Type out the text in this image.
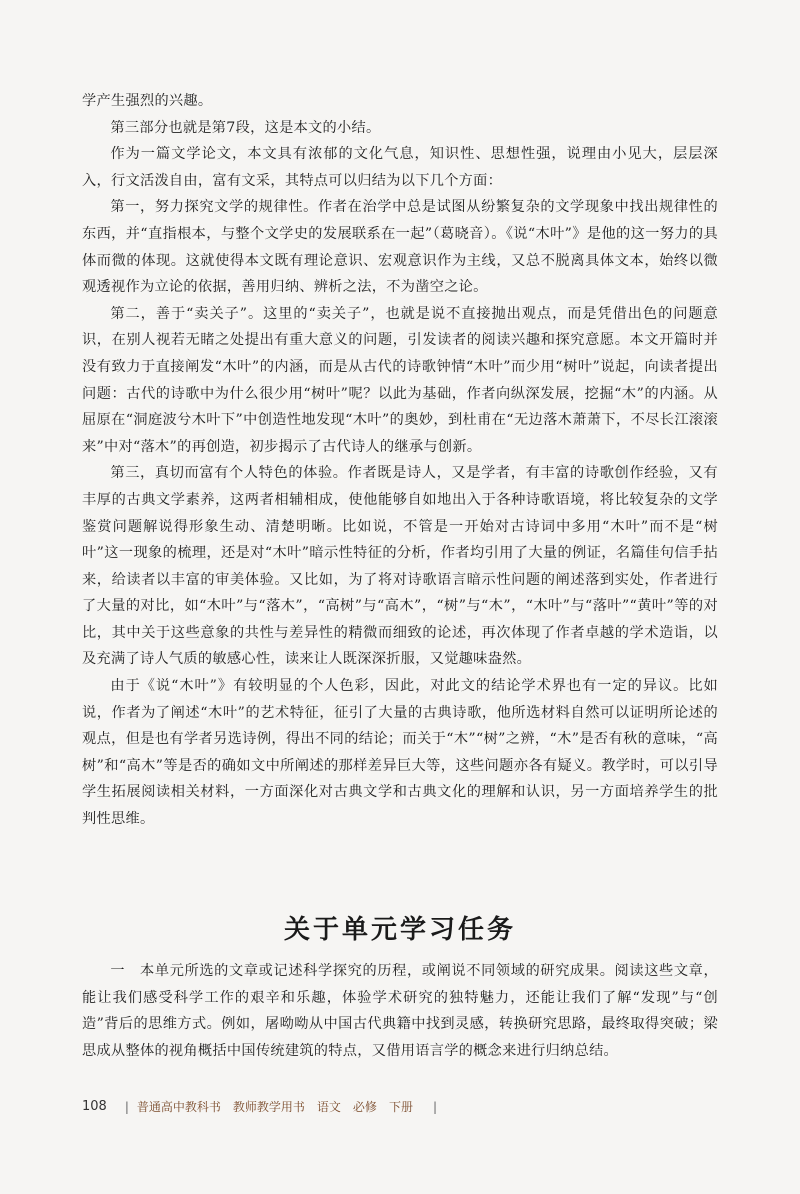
学产生强烈的兴趣。

第三部分也就是第7段，这是本文的小结。

作为一篇文学论文，本文具有浓郁的文化气息，知识性、思想性强，说理由小见大，层层深入，行文活泼自由，富有文采，其特点可以归结为以下几个方面：

第一，努力探究文学的规律性。作者在治学中总是试图从纷繁复杂的文学现象中找出规律性的东西，并“直指根本，与整个文学史的发展联系在一起”（葛晓音）。《说“木叶”》是他的这一努力的具体而微的体现。这就使得本文既有理论意识、宏观意识作为主线，又总不脱离具体文本，始终以微观透视作为立论的依据，善用归纳、辨析之法，不为凿空之论。

第二，善于“卖关子”。这里的“卖关子”，也就是说不直接抛出观点，而是凭借出色的问题意识，在别人视若无睹之处提出有重大意义的问题，引发读者的阅读兴趣和探究意愿。本文开篇时并没有致力于直接阐发“木叶”的内涵，而是从古代的诗歌钟情“木叶”而少用“树叶”说起，向读者提出问题：古代的诗歌中为什么很少用“树叶”呢？以此为基础，作者向纵深发展，挖掘“木”的内涵。从屈原在“洞庭波兮木叶下”中创造性地发现“木叶”的奥妙，到杜甫在“无边落木萧萧下，不尽长江滚滚来”中对“落木”的再创造，初步揭示了古代诗人的继承与创新。

第三，真切而富有个人特色的体验。作者既是诗人，又是学者，有丰富的诗歌创作经验，又有丰厚的古典文学素养，这两者相辅相成，使他能够自如地出入于各种诗歌语境，将比较复杂的文学鉴赏问题解说得形象生动、清楚明晰。比如说，不管是一开始对古诗词中多用“木叶”而不是“树叶”这一现象的梳理，还是对“木叶”暗示性特征的分析，作者均引用了大量的例证，名篇佳句信手拈来，给读者以丰富的审美体验。又比如，为了将对诗歌语言暗示性问题的阐述落到实处，作者进行了大量的对比，如“木叶”与“落木”，“高树”与“高木”，“树”与“木”，“木叶”与“落叶”“黄叶”等的对比，其中关于这些意象的共性与差异性的精微而细致的论述，再次体现了作者卓越的学术造诣，以及充满了诗人气质的敏感心性，读来让人既深深折服，又觉趣味盎然。

由于《说“木叶”》有较明显的个人色彩，因此，对此文的结论学术界也有一定的异议。比如说，作者为了阐述“木叶”的艺术特征，征引了大量的古典诗歌，他所选材料自然可以证明所论述的观点，但是也有学者另选诗例，得出不同的结论；而关于“木”“树”之辨，“木”是否有秋的意味，“高树”和“高木”等是否的确如文中所阐述的那样差异巨大等，这些问题亦各有疑义。教学时，可以引导学生拓展阅读相关材料，一方面深化对古典文学和古典文化的理解和认识，另一方面培养学生的批判性思维。

关于单元学习任务

一　本单元所选的文章或记述科学探究的历程，或阐说不同领域的研究成果。阅读这些文章，能让我们感受科学工作的艰辛和乐趣，体验学术研究的独特魅力，还能让我们了解“发现”与“创造”背后的思维方式。例如，屠呦呦从中国古代典籍中找到灵感，转换研究思路，最终取得突破；梁思成从整体的视角概括中国传统建筑的特点，又借用语言学的概念来进行归纳总结。

108 | 普通高中教科书 教师教学用书 语文 必修 下册 |
